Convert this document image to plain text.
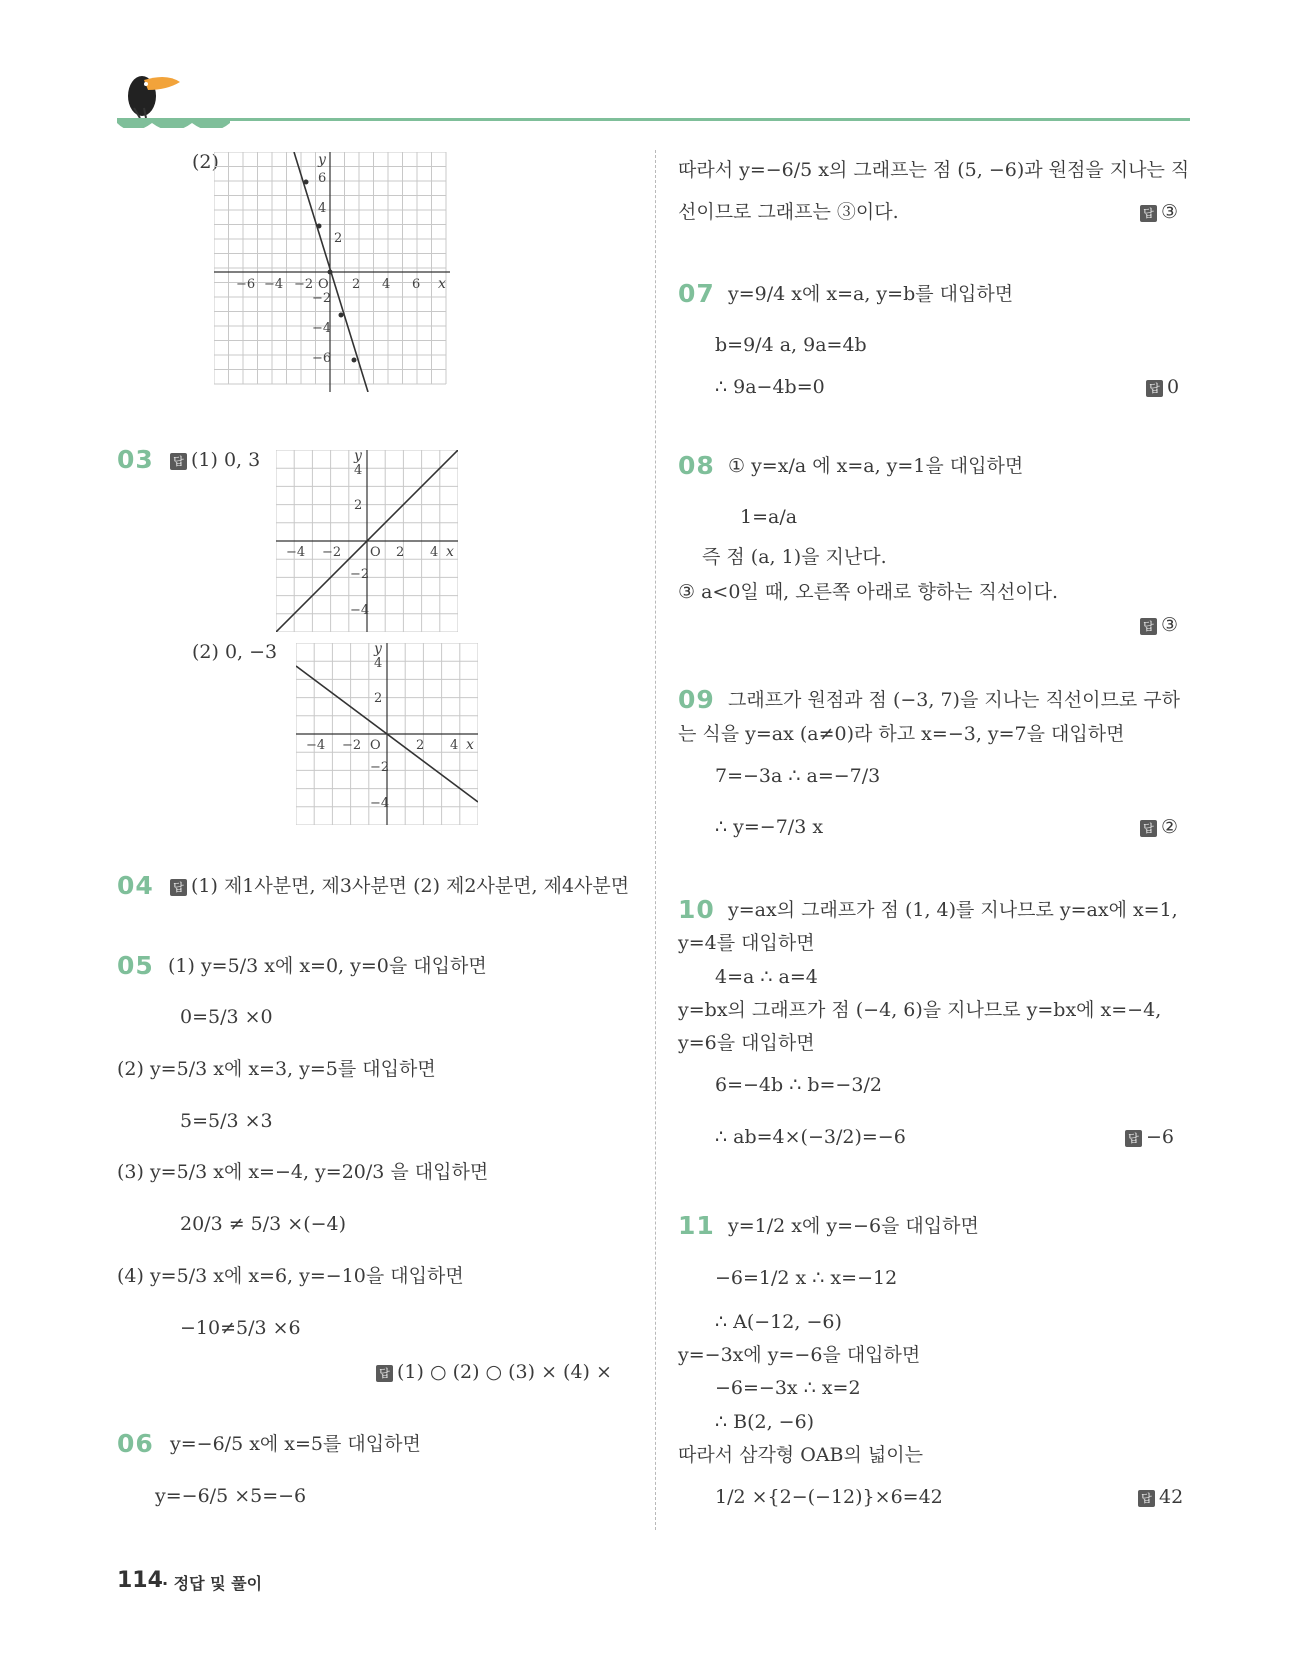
(2)
−6 −4 −2 O 2 4 6 x
y
6
4
2
−2
−4
−6
03 답 (1) 0, 3
−4 −2 O 2 4 x
y
4
2
−2
−4
(2) 0, −3
−4 −2 O	2 4 x
y
4
2
−2
−4
04 답 (1) 제1사분면, 제3사분면 (2) 제2사분면, 제4사분면
05 (1) y=5/3 x에 x=0, y=0을 대입하면
0=5/3 ×0
(2) y=5/3 x에 x=3, y=5를 대입하면
5=5/3 ×3
(3) y=5/3 x에 x=−4, y=20/3 을 대입하면
20/3 ≠ 5/3 ×(−4)
(4) y=5/3 x에 x=6, y=−10을 대입하면
−10≠5/3 ×6
답 (1) ○ (2) ○ (3) × (4) ×
06 y=−6/5 x에 x=5를 대입하면
y=−6/5 ×5=−6
따라서 y=−6/5 x의 그래프는 점 (5, −6)과 원점을 지나는 직
선이므로 그래프는 ③이다.	답 ③
07 y=9/4 x에 x=a, y=b를 대입하면
b=9/4 a, 9a=4b
∴ 9a−4b=0	답 0
08 ① y=x/a 에 x=a, y=1을 대입하면
1=a/a
즉 점 (a, 1)을 지난다.
③ a<0일 때, 오른쪽 아래로 향하는 직선이다.
답 ③
09 그래프가 원점과 점 (−3, 7)을 지나는 직선이므로 구하
는 식을 y=ax (a≠0)라 하고 x=−3, y=7을 대입하면
7=−3a ∴ a=−7/3
∴ y=−7/3 x	답 ②
10 y=ax의 그래프가 점 (1, 4)를 지나므로 y=ax에 x=1,
y=4를 대입하면
4=a ∴ a=4
y=bx의 그래프가 점 (−4, 6)을 지나므로 y=bx에 x=−4,
y=6을 대입하면
6=−4b ∴ b=−3/2
∴ ab=4×(−3/2)=−6	답 −6
11 y=1/2 x에 y=−6을 대입하면
−6=1/2 x ∴ x=−12
∴ A(−12, −6)
y=−3x에 y=−6을 대입하면
−6=−3x ∴ x=2
∴ B(2, −6)
따라서 삼각형 OAB의 넓이는
1/2 ×{2−(−12)}×6=42	답 42
114 · 정답 및 풀이
